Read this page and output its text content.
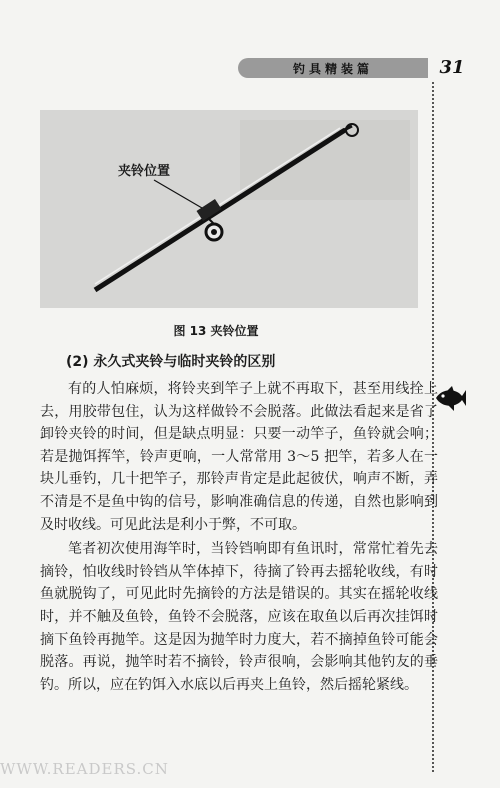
钓具精装篇	31
夹铃位置
图 13 夹铃位置
(2) 永久式夹铃与临时夹铃的区别

有的人怕麻烦，将铃夹到竿子上就不再取下，甚至用线拴上去，用胶带包住，认为这样做铃不会脱落。此做法看起来是省了卸铃夹铃的时间，但是缺点明显：只要一动竿子，鱼铃就会响；若是抛饵挥竿，铃声更响，一人常常用 3～5 把竿，若多人在一块儿垂钓，几十把竿子，那铃声肯定是此起彼伏，响声不断，弄不清是不是鱼中钩的信号，影响准确信息的传递，自然也影响到及时收线。可见此法是利小于弊，不可取。

笔者初次使用海竿时，当铃铛响即有鱼讯时，常常忙着先去摘铃，怕收线时铃铛从竿体掉下，待摘了铃再去摇轮收线，有时鱼就脱钩了，可见此时先摘铃的方法是错误的。其实在摇轮收线时，并不触及鱼铃，鱼铃不会脱落，应该在取鱼以后再次挂饵时摘下鱼铃再抛竿。这是因为抛竿时力度大，若不摘掉鱼铃可能会脱落。再说，抛竿时若不摘铃，铃声很响，会影响其他钓友的垂钓。所以，应在钓饵入水底以后再夹上鱼铃，然后摇轮紧线。

WWW.READERS.CN
